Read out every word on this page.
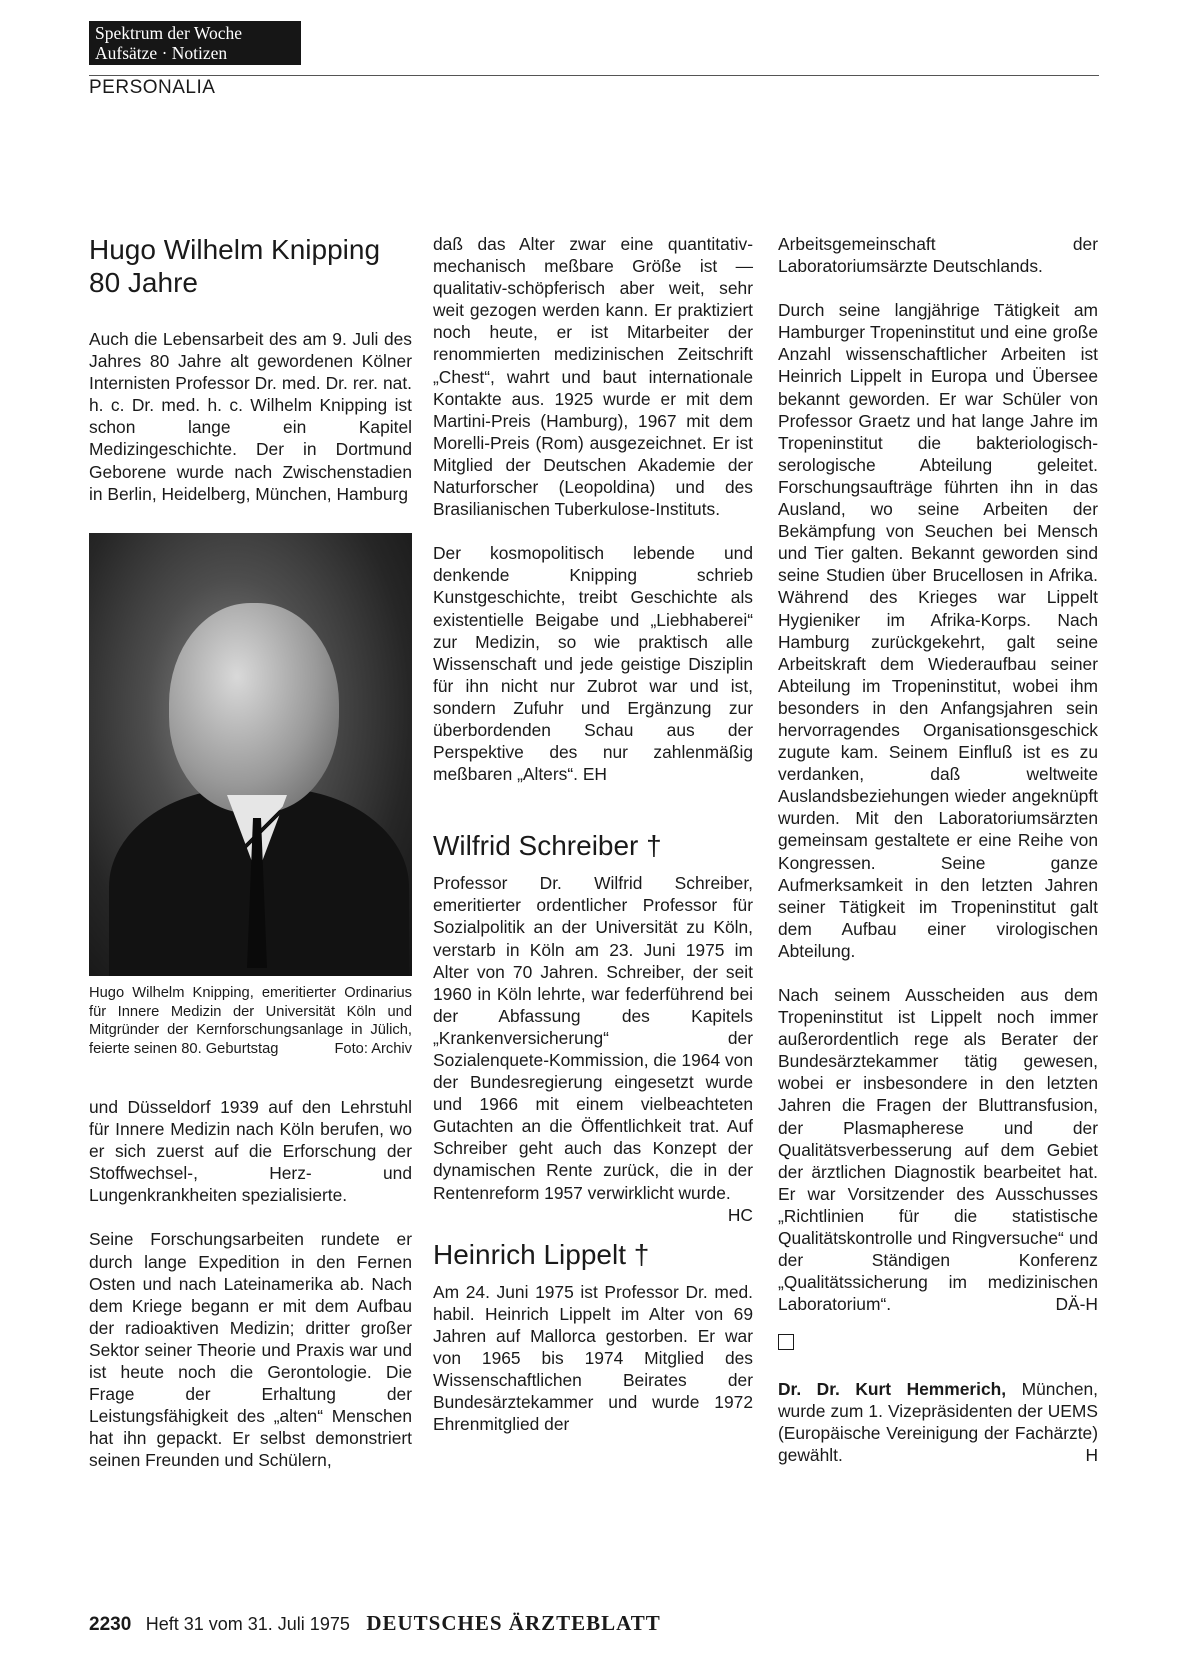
Spektrum der Woche
Aufsätze · Notizen
PERSONALIA
Hugo Wilhelm Knipping
80 Jahre

Auch die Lebensarbeit des am 9. Juli des Jahres 80 Jahre alt gewordenen Kölner Internisten Professor Dr. med. Dr. rer. nat. h. c. Dr. med. h. c. Wilhelm Knipping ist schon lange ein Kapitel Medizingeschichte. Der in Dortmund Geborene wurde nach Zwischenstadien in Berlin, Heidelberg, München, Hamburg

Hugo Wilhelm Knipping, emeritierter Ordinarius für Innere Medizin der Universität Köln und Mitgründer der Kernforschungsanlage in Jülich, feierte seinen 80. Geburtstag	Foto: Archiv

und Düsseldorf 1939 auf den Lehrstuhl für Innere Medizin nach Köln berufen, wo er sich zuerst auf die Erforschung der Stoffwechsel-, Herz- und Lungenkrankheiten spezialisierte.

Seine Forschungsarbeiten rundete er durch lange Expedition in den Fernen Osten und nach Lateinamerika ab. Nach dem Kriege begann er mit dem Aufbau der radioaktiven Medizin; dritter großer Sektor seiner Theorie und Praxis war und ist heute noch die Gerontologie. Die Frage der Erhaltung der Leistungsfähigkeit des „alten“ Menschen hat ihn gepackt. Er selbst demonstriert seinen Freunden und Schülern,

daß das Alter zwar eine quantitativ-mechanisch meßbare Größe ist — qualitativ-schöpferisch aber weit, sehr weit gezogen werden kann. Er praktiziert noch heute, er ist Mitarbeiter der renommierten medizinischen Zeitschrift „Chest“, wahrt und baut internationale Kontakte aus. 1925 wurde er mit dem Martini-Preis (Hamburg), 1967 mit dem Morelli-Preis (Rom) ausgezeichnet. Er ist Mitglied der Deutschen Akademie der Naturforscher (Leopoldina) und des Brasilianischen Tuberkulose-Instituts.

Der kosmopolitisch lebende und denkende Knipping schrieb Kunstgeschichte, treibt Geschichte als existentielle Beigabe und „Liebhaberei“ zur Medizin, so wie praktisch alle Wissenschaft und jede geistige Disziplin für ihn nicht nur Zubrot war und ist, sondern Zufuhr und Ergänzung zur überbordenden Schau aus der Perspektive des nur zahlenmäßig meßbaren „Alters“. EH

Wilfrid Schreiber †

Professor Dr. Wilfrid Schreiber, emeritierter ordentlicher Professor für Sozialpolitik an der Universität zu Köln, verstarb in Köln am 23. Juni 1975 im Alter von 70 Jahren. Schreiber, der seit 1960 in Köln lehrte, war federführend bei der Abfassung des Kapitels „Krankenversicherung“ der Sozialenquete-Kommission, die 1964 von der Bundesregierung eingesetzt wurde und 1966 mit einem vielbeachteten Gutachten an die Öffentlichkeit trat. Auf Schreiber geht auch das Konzept der dynamischen Rente zurück, die in der Rentenreform 1957 verwirklicht wurde.
HC

Heinrich Lippelt †

Am 24. Juni 1975 ist Professor Dr. med. habil. Heinrich Lippelt im Alter von 69 Jahren auf Mallorca gestorben. Er war von 1965 bis 1974 Mitglied des Wissenschaftlichen Beirates der Bundesärztekammer und wurde 1972 Ehrenmitglied der

Arbeitsgemeinschaft der Laboratoriumsärzte Deutschlands.

Durch seine langjährige Tätigkeit am Hamburger Tropeninstitut und eine große Anzahl wissenschaftlicher Arbeiten ist Heinrich Lippelt in Europa und Übersee bekannt geworden. Er war Schüler von Professor Graetz und hat lange Jahre im Tropeninstitut die bakteriologisch-serologische Abteilung geleitet. Forschungsaufträge führten ihn in das Ausland, wo seine Arbeiten der Bekämpfung von Seuchen bei Mensch und Tier galten. Bekannt geworden sind seine Studien über Brucellosen in Afrika. Während des Krieges war Lippelt Hygieniker im Afrika-Korps. Nach Hamburg zurückgekehrt, galt seine Arbeitskraft dem Wiederaufbau seiner Abteilung im Tropeninstitut, wobei ihm besonders in den Anfangsjahren sein hervorragendes Organisationsgeschick zugute kam. Seinem Einfluß ist es zu verdanken, daß weltweite Auslandsbeziehungen wieder angeknüpft wurden. Mit den Laboratoriumsärzten gemeinsam gestaltete er eine Reihe von Kongressen. Seine ganze Aufmerksamkeit in den letzten Jahren seiner Tätigkeit im Tropeninstitut galt dem Aufbau einer virologischen Abteilung.

Nach seinem Ausscheiden aus dem Tropeninstitut ist Lippelt noch immer außerordentlich rege als Berater der Bundesärztekammer tätig gewesen, wobei er insbesondere in den letzten Jahren die Fragen der Bluttransfusion, der Plasmapherese und der Qualitätsverbesserung auf dem Gebiet der ärztlichen Diagnostik bearbeitet hat. Er war Vorsitzender des Ausschusses „Richtlinien für die statistische Qualitätskontrolle und Ringversuche“ und der Ständigen Konferenz „Qualitätssicherung im medizinischen Laboratorium“.	DÄ-H

Dr. Dr. Kurt Hemmerich, München, wurde zum 1. Vizepräsidenten der UEMS (Europäische Vereinigung der Fachärzte) gewählt.	H

2230 Heft 31 vom 31. Juli 1975 DEUTSCHES ÄRZTEBLATT
